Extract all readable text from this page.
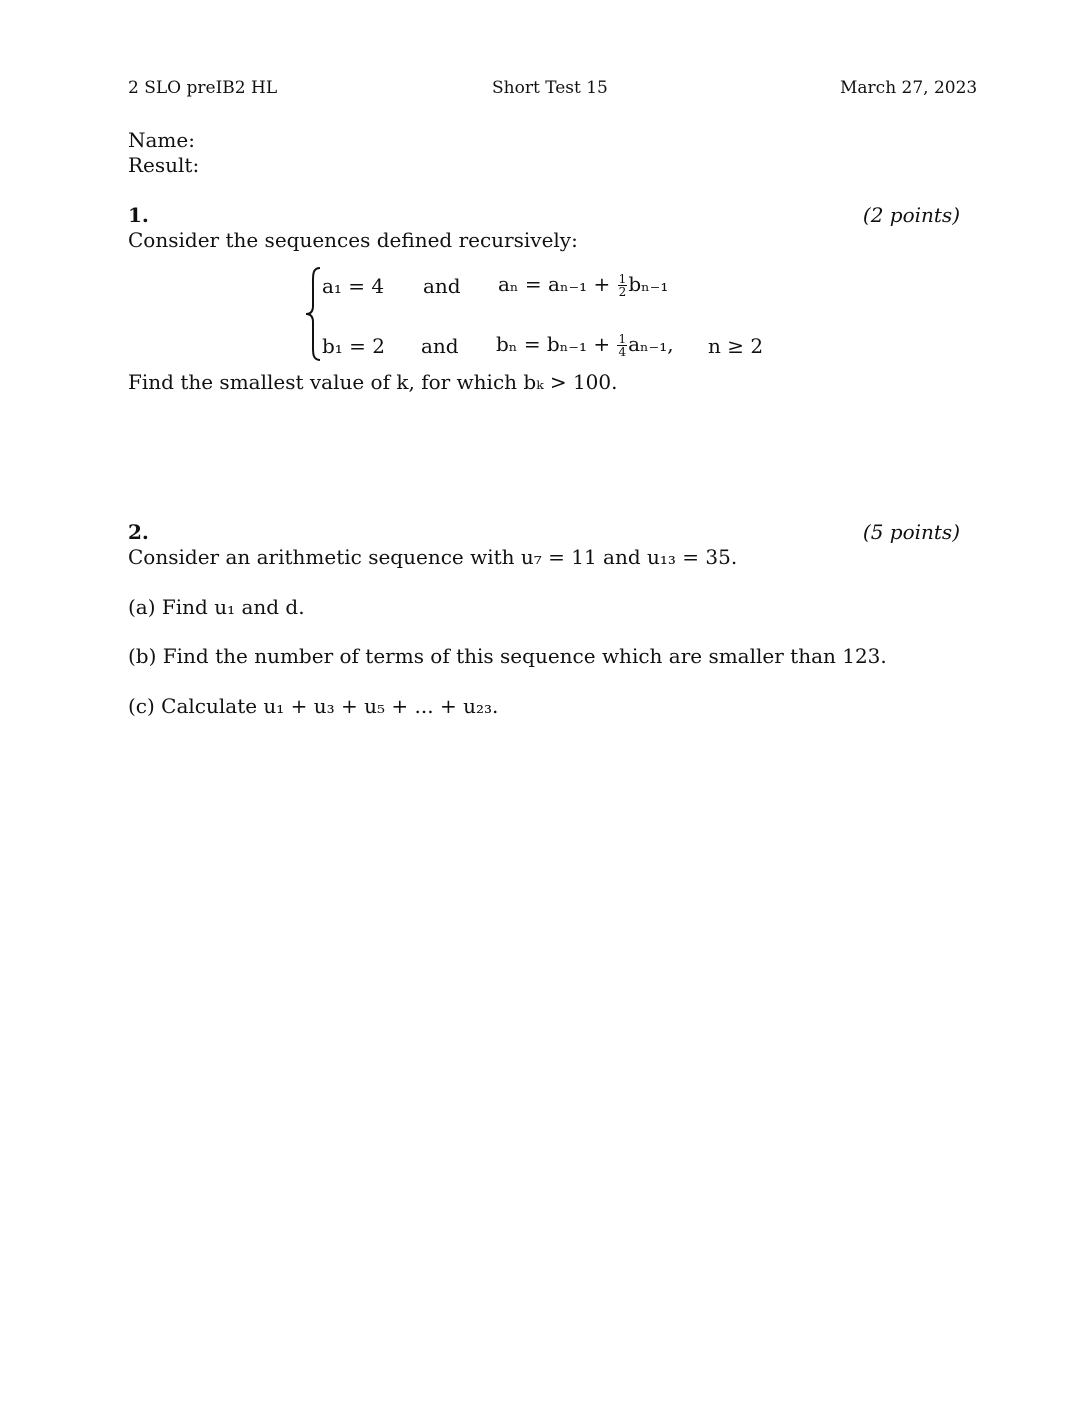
2 SLO preIB2 HL	Short Test 15	March 27, 2023
Name:
Result:
1.	(2 points)
Consider the sequences defined recursively:
a₁ = 4 and $a_n = a_{n-1} + \frac{1}{2} b_{n-1}$
b₁ = 2 and $b_n = b_{n-1} + \frac{1}{4} a_{n-1}$, n ≥ 2
Find the smallest value of k, for which bₖ > 100.
2.	(5 points)
Consider an arithmetic sequence with u₇ = 11 and u₁₃ = 35.
(a) Find u₁ and d.
(b) Find the number of terms of this sequence which are smaller than 123.
(c) Calculate u₁ + u₃ + u₅ + ... + u₂₃.
